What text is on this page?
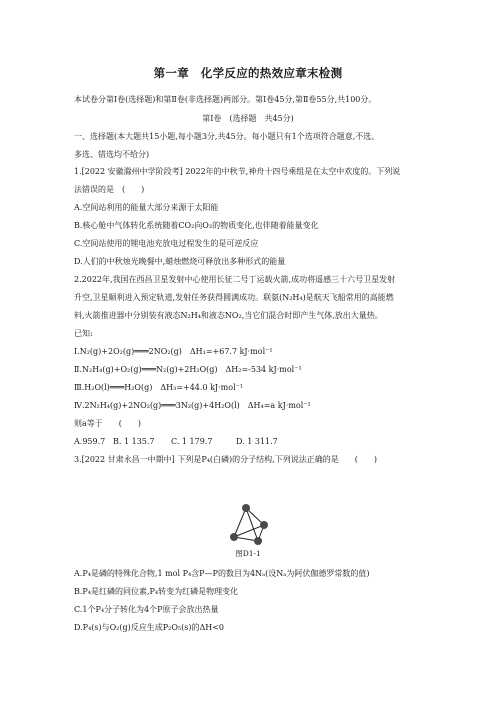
第一章　化学反应的热效应章末检测
本试卷分第Ⅰ卷(选择题)和第Ⅱ卷(非选择题)两部分。第Ⅰ卷45分,第Ⅱ卷55分,共100分。
第Ⅰ卷　(选择题　共45分)
一、选择题(本大题共15小题,每小题3分,共45分。每小题只有1个选项符合题意,不选、
多选、错选均不给分)
1.[2022 安徽滁州中学阶段考] 2022年的中秋节,神舟十四号乘组是在太空中欢度的。下列说
法错误的是　(　　)
A.空间站利用的能量大部分来源于太阳能
B.核心舱中气体转化系统随着CO₂向O₂的物质变化,也伴随着能量变化
C.空间站使用的锂电池充放电过程发生的是可逆反应
D.人们的中秋烛光晚餐中,蜡烛燃烧可释放出多种形式的能量
2.2022年,我国在西昌卫星发射中心使用长征二号丁运载火箭,成功将遥感三十六号卫星发射
升空,卫星顺利进入预定轨道,发射任务获得圆满成功。联氨(N₂H₄)是航天飞船常用的高能燃
料,火箭推进器中分别装有液态N₂H₄和液态NO₂,当它们混合时即产生气体,放出大量热。
已知:
Ⅰ.N₂(g)+2O₂(g)═══2NO₂(g)　ΔH₁=+67.7 kJ·mol⁻¹
Ⅱ.N₂H₄(g)+O₂(g)═══N₂(g)+2H₂O(g)　ΔH₂=-534 kJ·mol⁻¹
Ⅲ.H₂O(l)═══H₂O(g)　ΔH₃=+44.0 kJ·mol⁻¹
Ⅳ.2N₂H₄(g)+2NO₂(g)═══3N₂(g)+4H₂O(l)　ΔH₄=a kJ·mol⁻¹
则a等于　　(　　)
A.959.7 B. 1 135.7 C. 1 179.7	D. 1 311.7
3.[2022 甘肃永昌一中期中] 下列是P₄(白磷)的分子结构,下列说法正确的是　　(　　)
图D1-1
A.P₄是磷的特殊化合物,1 mol P₄含P—P的数目为4Nₐ(设Nₐ为阿伏伽德罗常数的值)
B.P₄是红磷的同位素,P₄转变为红磷是物理变化
C.1个P₄分子转化为4个P原子会放出热量
D.P₄(s)与O₂(g)反应生成P₂O₅(s)的ΔH<0
